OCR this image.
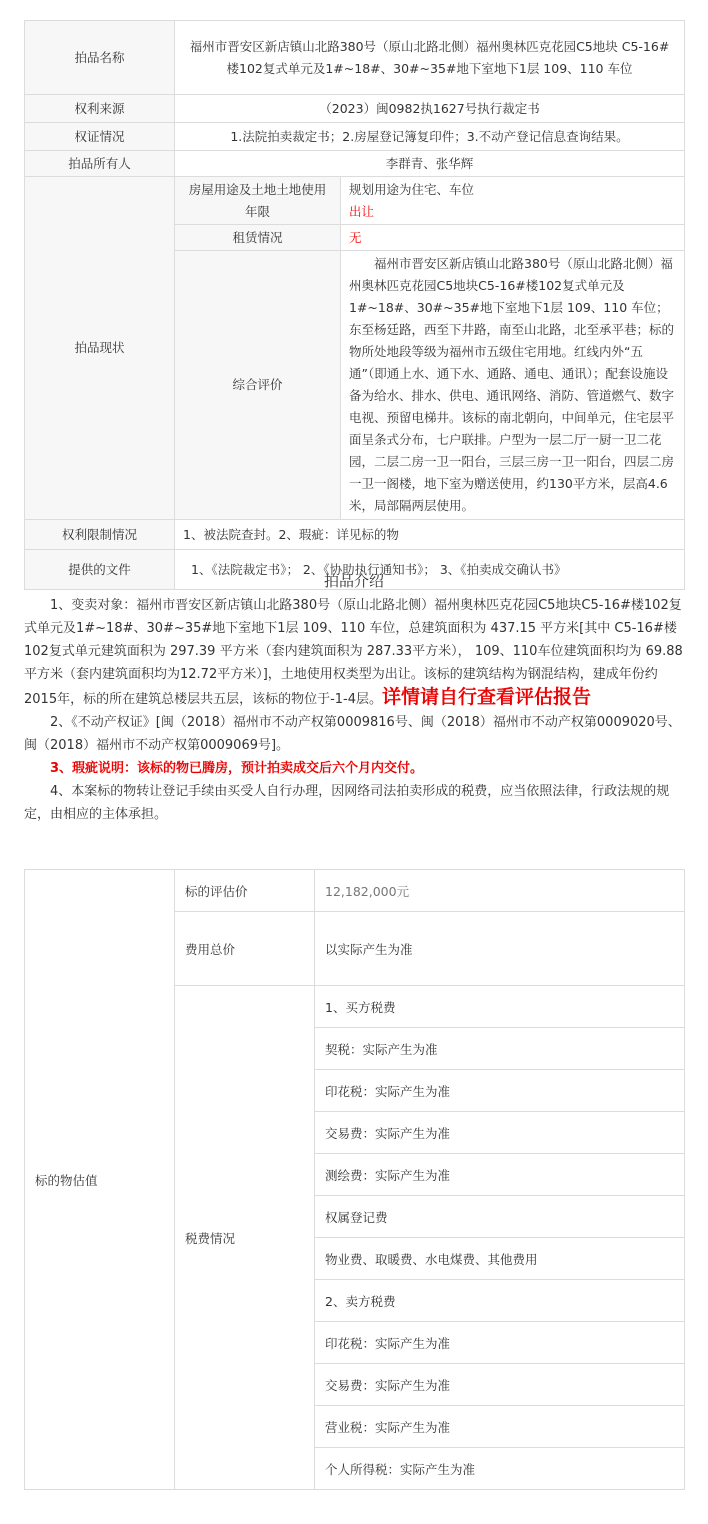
拍品名称	福州市晋安区新店镇山北路380号（原山北路北侧）福州奥林匹克花园C5地块 C5-16#楼102复式单元及1#~18#、30#~35#地下室地下1层 109、110 车位	
权利来源	（2023）闽0982执1627号执行裁定书	
权证情况	1.法院拍卖裁定书；2.房屋登记簿复印件；3.不动产登记信息查询结果。	
拍品所有人	李群青、张华辉	
拍品现状	房屋用途及土地土地使用年限	规划用途为住宅、车位
出让

	租赁情况	无
	综合评价	福州市晋安区新店镇山北路380号（原山北路北侧）福州奥林匹克花园C5地块C5-16#楼102复式单元及1#~18#、30#~35#地下室地下1层 109、110 车位；东至杨廷路，西至下井路，南至山北路，北至承平巷；标的物所处地段等级为福州市五级住宅用地。红线内外“五通”（即通上水、通下水、通路、通电、通讯）；配套设施设备为给水、排水、供电、通讯网络、消防、管道燃气、数字电视、预留电梯井。该标的南北朝向，中间单元，住宅层平面呈条式分布，七户联排。户型为一层二厅一厨一卫二花园，二层二房一卫一阳台，三层三房一卫一阳台，四层二房一卫一阁楼，地下室为赠送使用，约130平方米，层高4.6米，局部隔两层使用。
权利限制情况	1、被法院查封。2、瑕疵：详见标的物	
提供的文件	1、《法院裁定书》； 2、《协助执行通知书》； 3、《拍卖成交确认书》	
拍品介绍

1、变卖对象：福州市晋安区新店镇山北路380号（原山北路北侧）福州奥林匹克花园C5地块C5-16#楼102复式单元及1#~18#、30#~35#地下室地下1层 109、110 车位，总建筑面积为 437.15 平方米[其中 C5-16#楼 102复式单元建筑面积为 297.39 平方米（套内建筑面积为 287.33平方米）， 109、110车位建筑面积均为 69.88 平方米（套内建筑面积均为12.72平方米）]，土地使用权类型为出让。该标的建筑结构为钢混结构，建成年份约2015年，标的所在建筑总楼层共五层，该标的物位于-1-4层。详情请自行查看评估报告

2、《不动产权证》[闽（2018）福州市不动产权第0009816号、闽（2018）福州市不动产权第0009020号、闽（2018）福州市不动产权第0009069号]。

3、瑕疵说明：该标的物已腾房，预计拍卖成交后六个月内交付。

4、本案标的物转让登记手续由买受人自行办理，因网络司法拍卖形成的税费，应当依照法律，行政法规的规定，由相应的主体承担。

标的物估值	标的评估价	12,182,000元
	费用总价	以实际产生为准
	税费情况	1、买方税费
		契税：实际产生为准
		印花税：实际产生为准
		交易费：实际产生为准
		测绘费：实际产生为准
		权属登记费
		物业费、取暖费、水电煤费、其他费用
		2、卖方税费
		印花税：实际产生为准
		交易费：实际产生为准
		营业税：实际产生为准
		个人所得税：实际产生为准
